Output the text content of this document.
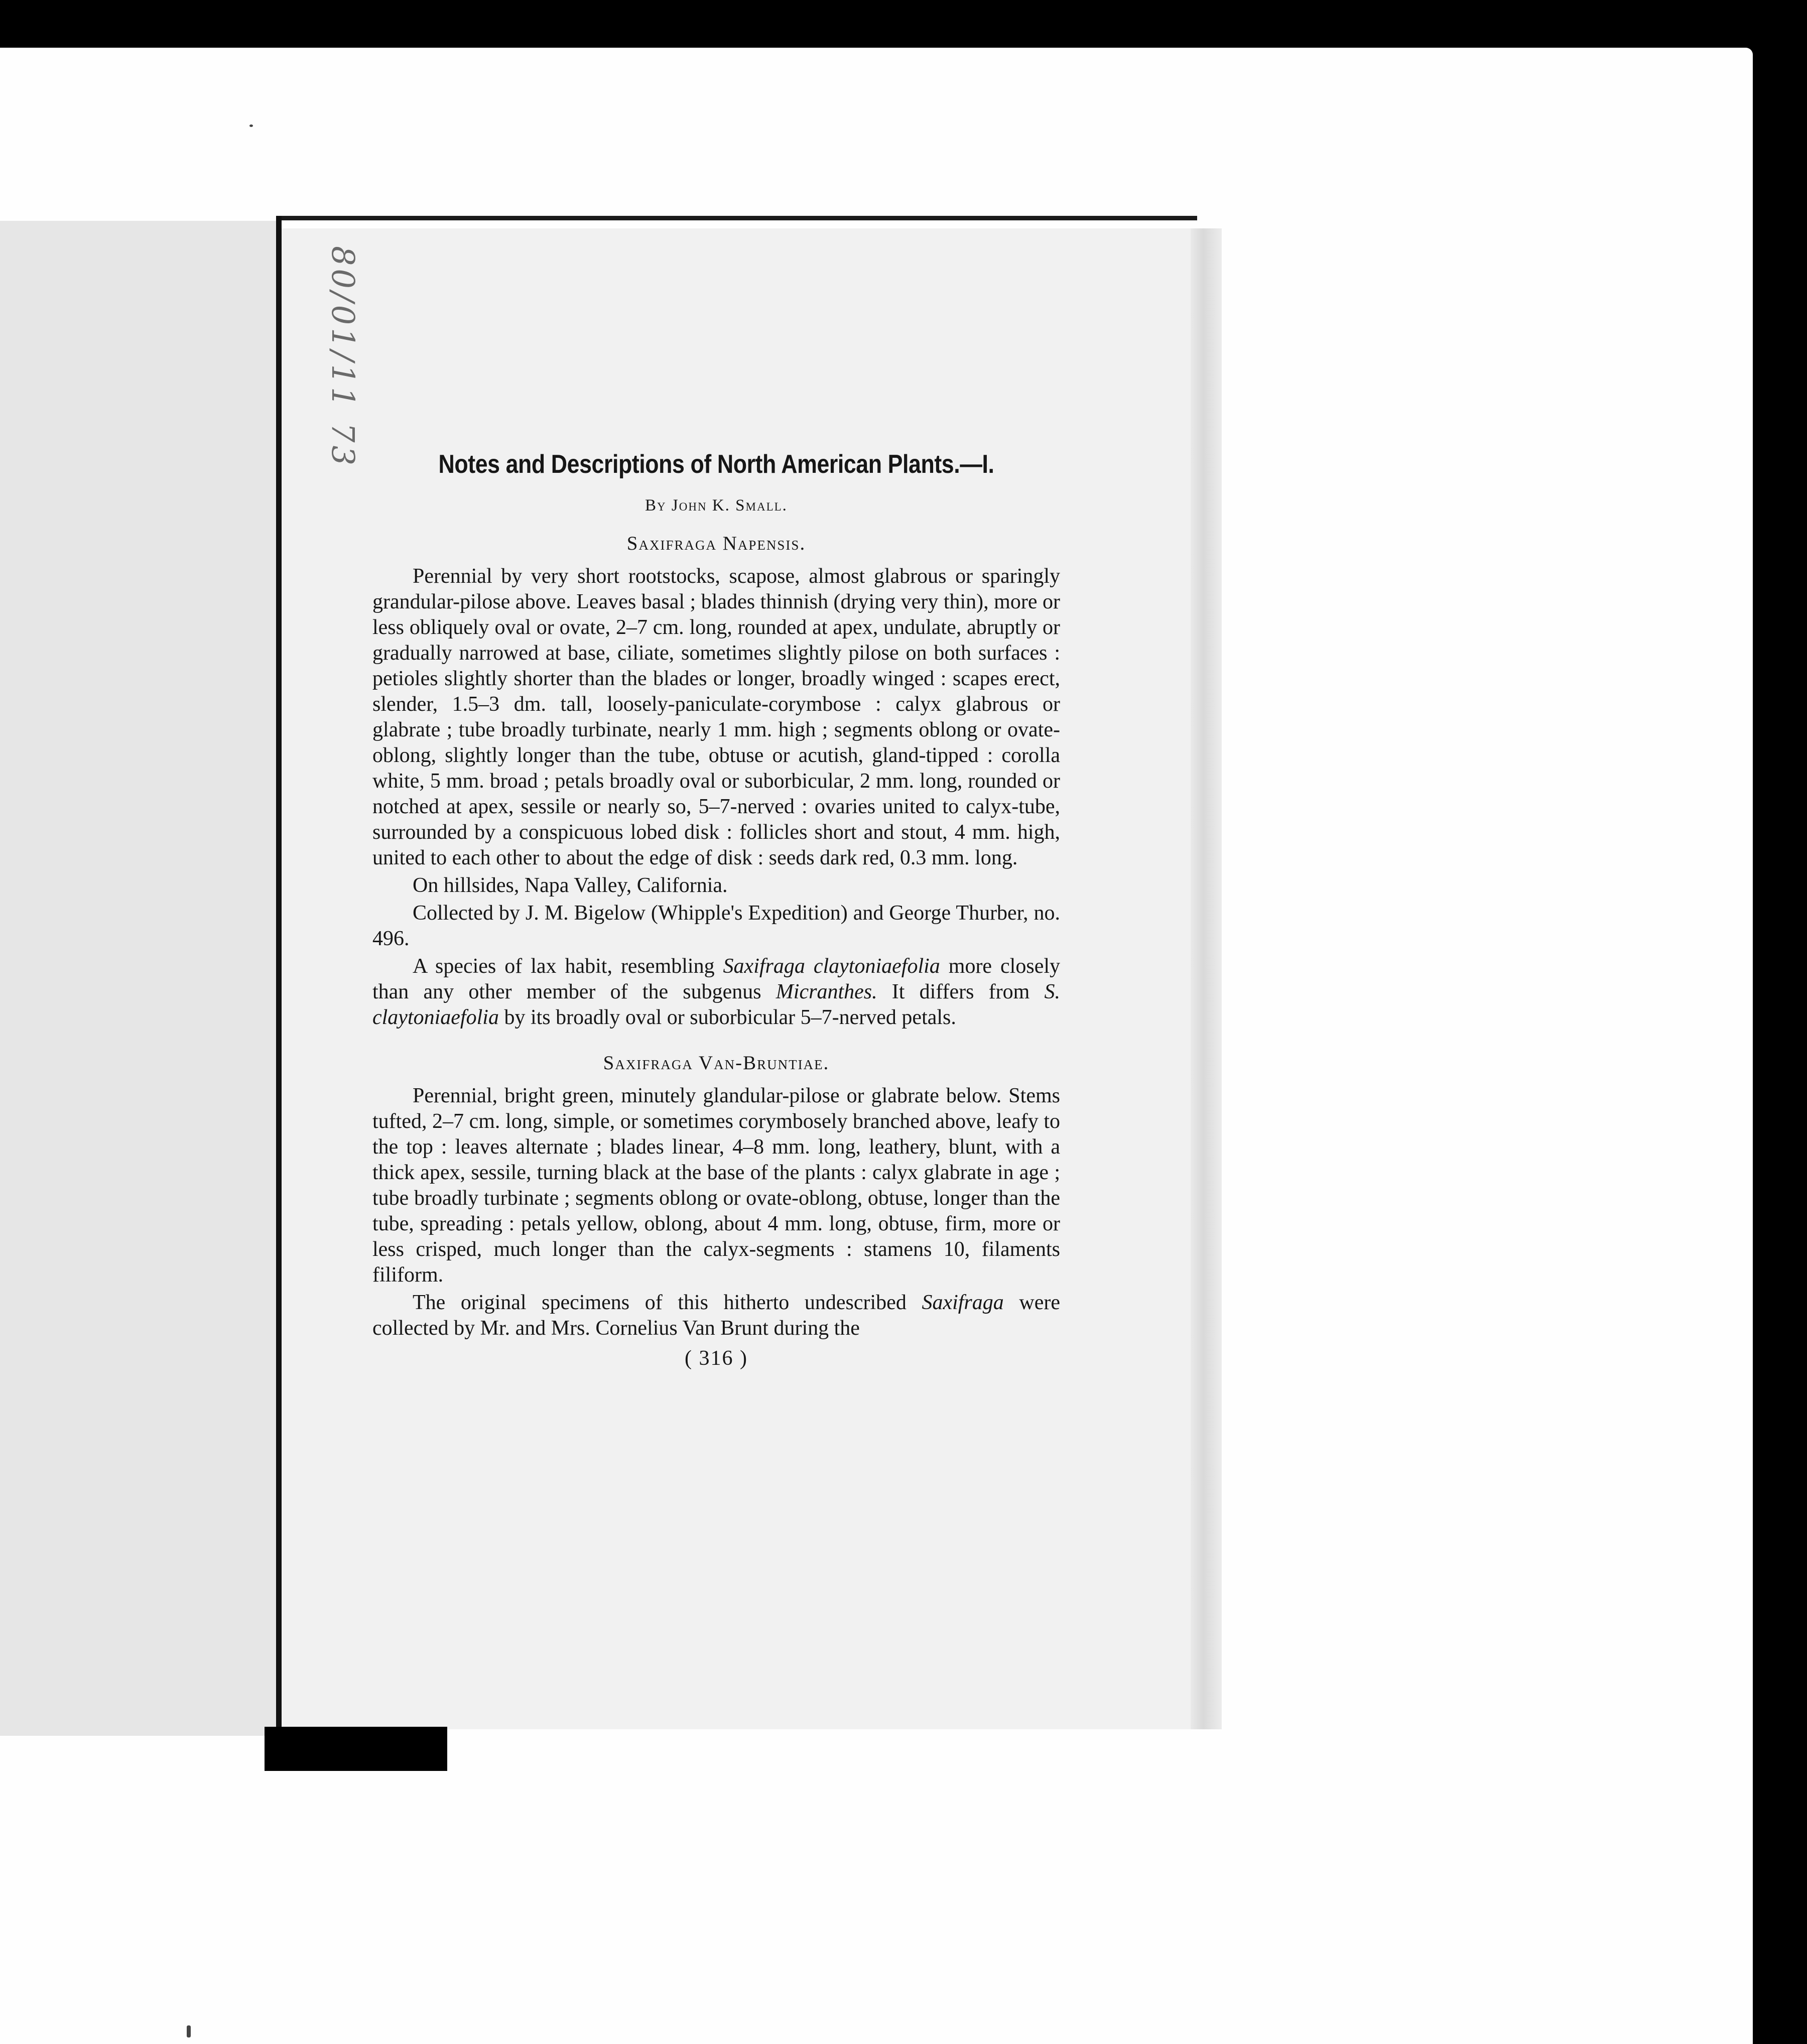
80/01/11 73	Notes and Descriptions of North American Plants.—I.
By John K. Small.
Saxifraga Napensis.

Perennial by very short rootstocks, scapose, almost glabrous or sparingly grandular-pilose above. Leaves basal ; blades thinnish (drying very thin), more or less obliquely oval or ovate, 2–7 cm. long, rounded at apex, undulate, abruptly or gradually narrowed at base, ciliate, sometimes slightly pilose on both surfaces : petioles slightly shorter than the blades or longer, broadly winged : scapes erect, slender, 1.5–3 dm. tall, loosely-paniculate-corymbose : calyx glabrous or glabrate ; tube broadly turbinate, nearly 1 mm. high ; segments oblong or ovate-oblong, slightly longer than the tube, obtuse or acutish, gland-tipped : corolla white, 5 mm. broad ; petals broadly oval or suborbicular, 2 mm. long, rounded or notched at apex, sessile or nearly so, 5–7-nerved : ovaries united to calyx-tube, surrounded by a conspicuous lobed disk : follicles short and stout, 4 mm. high, united to each other to about the edge of disk : seeds dark red, 0.3 mm. long.

On hillsides, Napa Valley, California.

Collected by J. M. Bigelow (Whipple's Expedition) and George Thurber, no. 496.

A species of lax habit, resembling Saxifraga claytoniaefolia more closely than any other member of the subgenus Micranthes. It differs from S. claytoniaefolia by its broadly oval or suborbicular 5–7-nerved petals.

Saxifraga Van-Bruntiae.

Perennial, bright green, minutely glandular-pilose or glabrate below. Stems tufted, 2–7 cm. long, simple, or sometimes corymbosely branched above, leafy to the top : leaves alternate ; blades linear, 4–8 mm. long, leathery, blunt, with a thick apex, sessile, turning black at the base of the plants : calyx glabrate in age ; tube broadly turbinate ; segments oblong or ovate-oblong, obtuse, longer than the tube, spreading : petals yellow, oblong, about 4 mm. long, obtuse, firm, more or less crisped, much longer than the calyx-segments : stamens 10, filaments filiform.

The original specimens of this hitherto undescribed Saxifraga were collected by Mr. and Mrs. Cornelius Van Brunt during the

( 316 )
